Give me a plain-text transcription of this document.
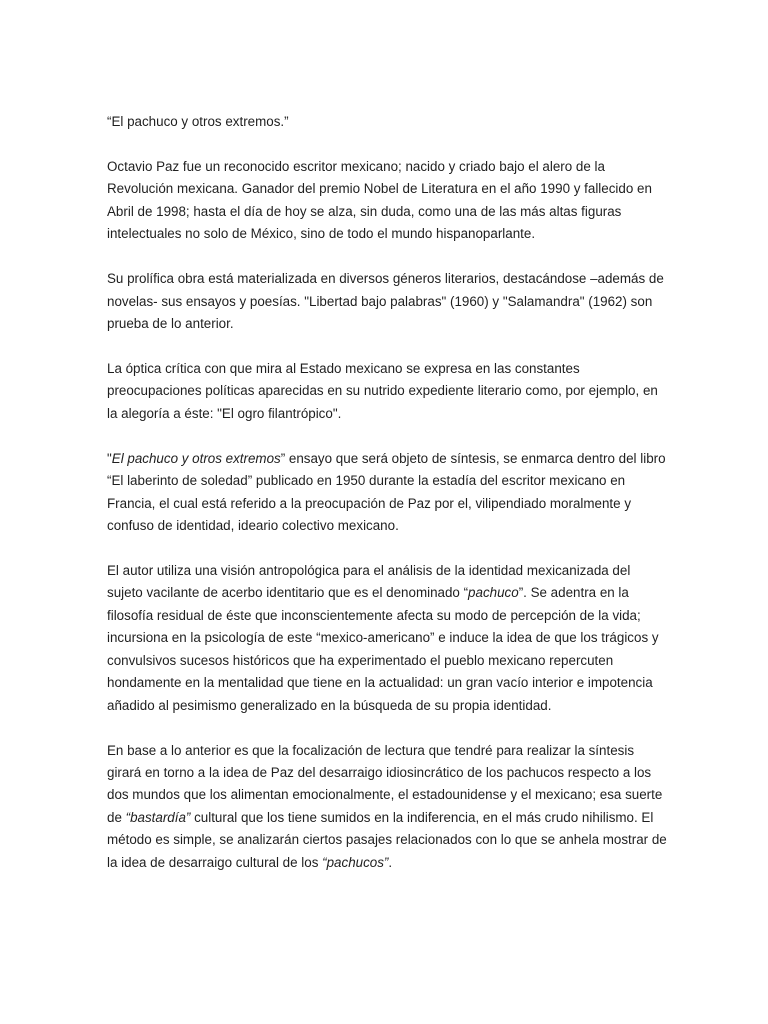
“El pachuco y otros extremos.”

Octavio Paz fue un reconocido escritor mexicano; nacido y criado bajo el alero de la Revolución mexicana. Ganador del premio Nobel de Literatura en el año 1990 y fallecido en Abril de 1998; hasta el día de hoy se alza, sin duda, como una de las más altas figuras intelectuales no solo de México, sino de todo el mundo hispanoparlante.

Su prolífica obra está materializada en diversos géneros literarios, destacándose –además de novelas- sus ensayos y poesías. "Libertad bajo palabras" (1960) y "Salamandra" (1962) son prueba de lo anterior.

La óptica crítica con que mira al Estado mexicano se expresa en las constantes preocupaciones políticas aparecidas en su nutrido expediente literario como, por ejemplo, en la alegoría a éste: "El ogro filantrópico".

"El pachuco y otros extremos” ensayo que será objeto de síntesis, se enmarca dentro del libro “El laberinto de soledad” publicado en 1950 durante la estadía del escritor mexicano en Francia, el cual está referido a la preocupación de Paz por el, vilipendiado moralmente y confuso de identidad, ideario colectivo mexicano.

El autor utiliza una visión antropológica para el análisis de la identidad mexicanizada del sujeto vacilante de acerbo identitario que es el denominado “pachuco”. Se adentra en la filosofía residual de éste que inconscientemente afecta su modo de percepción de la vida; incursiona en la psicología de este “mexico-americano” e induce la idea de que los trágicos y convulsivos sucesos históricos que ha experimentado el pueblo mexicano repercuten hondamente en la mentalidad que tiene en la actualidad: un gran vacío interior e impotencia añadido al pesimismo generalizado en la búsqueda de su propia identidad.

En base a lo anterior es que la focalización de lectura que tendré para realizar la síntesis girará en torno a la idea de Paz del desarraigo idiosincrático de los pachucos respecto a los dos mundos que los alimentan emocionalmente, el estadounidense y el mexicano; esa suerte de “bastardía” cultural que los tiene sumidos en la indiferencia, en el más crudo nihilismo. El método es simple, se analizarán ciertos pasajes relacionados con lo que se anhela mostrar de la idea de desarraigo cultural de los “pachucos”.
